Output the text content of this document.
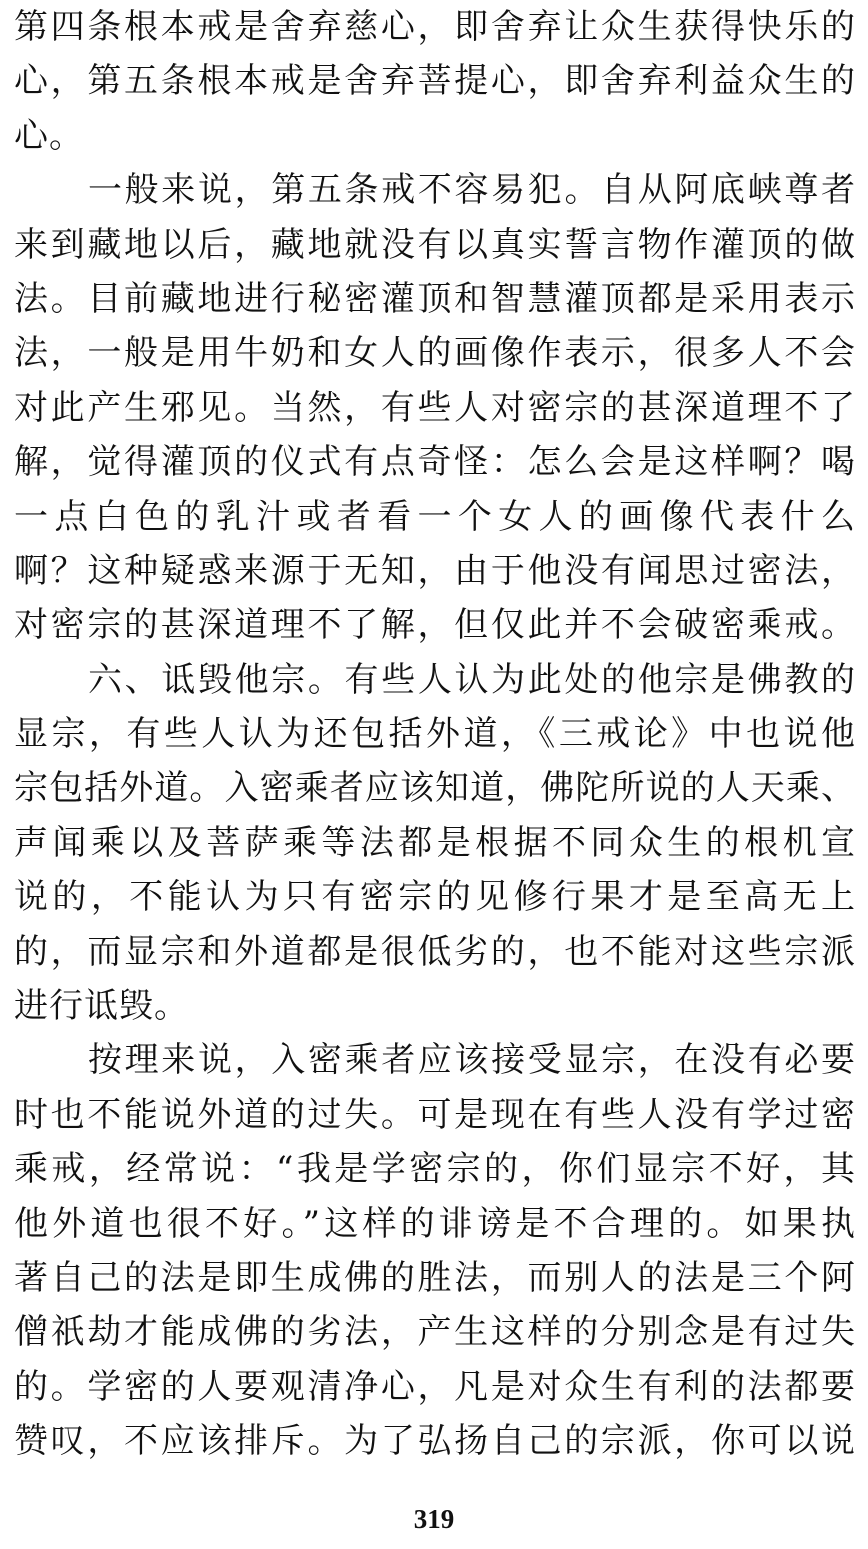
第四条根本戒是舍弃慈心，即舍弃让众生获得快乐的
心，第五条根本戒是舍弃菩提心，即舍弃利益众生的
心。
一般来说，第五条戒不容易犯。自从阿底峡尊者
来到藏地以后，藏地就没有以真实誓言物作灌顶的做
法。目前藏地进行秘密灌顶和智慧灌顶都是采用表示
法，一般是用牛奶和女人的画像作表示，很多人不会
对此产生邪见。当然，有些人对密宗的甚深道理不了
解，觉得灌顶的仪式有点奇怪：怎么会是这样啊？喝
一点白色的乳汁或者看一个女人的画像代表什么
啊？这种疑惑来源于无知，由于他没有闻思过密法，
对密宗的甚深道理不了解，但仅此并不会破密乘戒。
六、诋毁他宗。有些人认为此处的他宗是佛教的
显宗，有些人认为还包括外道，《三戒论》中也说他
宗包括外道。入密乘者应该知道，佛陀所说的人天乘、
声闻乘以及菩萨乘等法都是根据不同众生的根机宣
说的，不能认为只有密宗的见修行果才是至高无上
的，而显宗和外道都是很低劣的，也不能对这些宗派
进行诋毁。
按理来说，入密乘者应该接受显宗，在没有必要
时也不能说外道的过失。可是现在有些人没有学过密
乘戒，经常说：“我是学密宗的，你们显宗不好，其
他外道也很不好。”这样的诽谤是不合理的。如果执
著自己的法是即生成佛的胜法，而别人的法是三个阿
僧祇劫才能成佛的劣法，产生这样的分别念是有过失
的。学密的人要观清净心，凡是对众生有利的法都要
赞叹，不应该排斥。为了弘扬自己的宗派，你可以说
319
